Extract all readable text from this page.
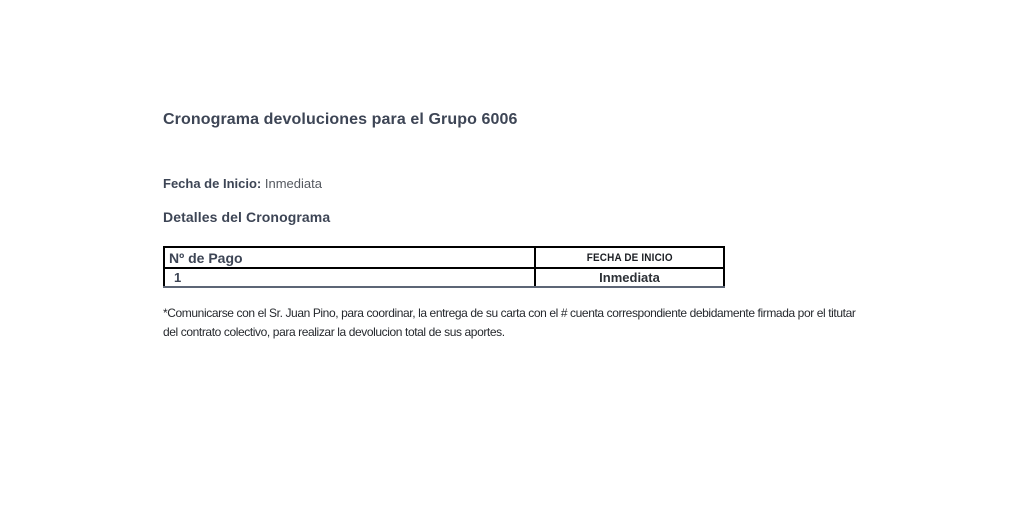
Cronograma devoluciones para el Grupo 6006
Fecha de Inicio: Inmediata
Detalles del Cronograma
Nº de Pago	FECHA DE INICIO
1	Inmediata

*Comunicarse con el Sr. Juan Pino, para coordinar, la entrega de su carta con el # cuenta correspondiente debidamente firmada por el titutar del contrato colectivo, para realizar la devolucion total de sus aportes.
